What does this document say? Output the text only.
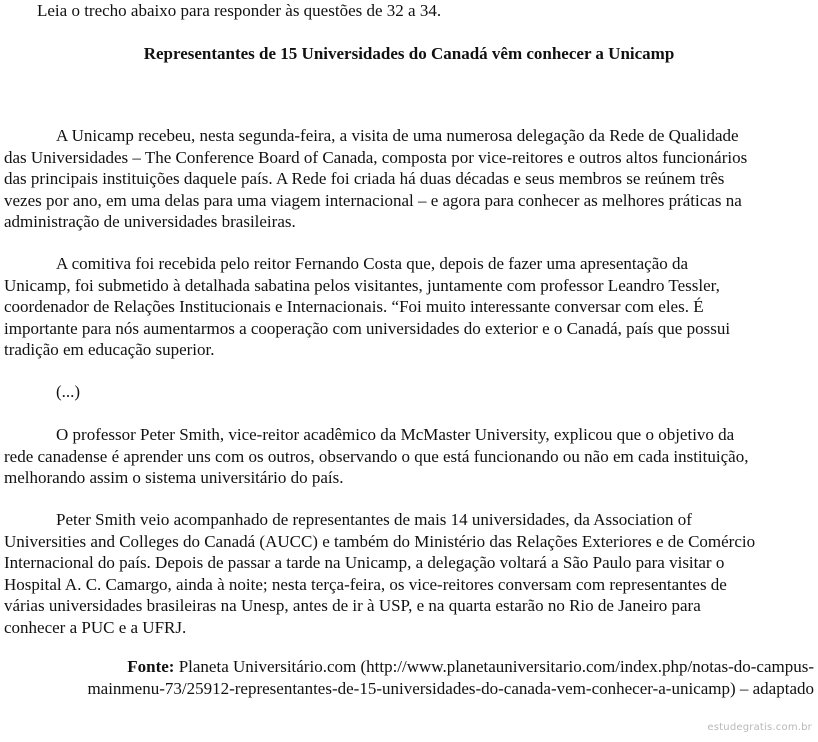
Leia o trecho abaixo para responder às questões de 32 a 34.
Representantes de 15 Universidades do Canadá vêm conhecer a Unicamp

A Unicamp recebeu, nesta segunda-feira, a visita de uma numerosa delegação da Rede de Qualidade
das Universidades – The Conference Board of Canada, composta por vice-reitores e outros altos funcionários
das principais instituições daquele país. A Rede foi criada há duas décadas e seus membros se reúnem três
vezes por ano, em uma delas para uma viagem internacional – e agora para conhecer as melhores práticas na
administração de universidades brasileiras.

A comitiva foi recebida pelo reitor Fernando Costa que, depois de fazer uma apresentação da
Unicamp, foi submetido à detalhada sabatina pelos visitantes, juntamente com professor Leandro Tessler,
coordenador de Relações Institucionais e Internacionais. “Foi muito interessante conversar com eles. É
importante para nós aumentarmos a cooperação com universidades do exterior e o Canadá, país que possui
tradição em educação superior.

(...)

O professor Peter Smith, vice-reitor acadêmico da McMaster University, explicou que o objetivo da
rede canadense é aprender uns com os outros, observando o que está funcionando ou não em cada instituição,
melhorando assim o sistema universitário do país.

Peter Smith veio acompanhado de representantes de mais 14 universidades, da Association of
Universities and Colleges do Canadá (AUCC) e também do Ministério das Relações Exteriores e de Comércio
Internacional do país. Depois de passar a tarde na Unicamp, a delegação voltará a São Paulo para visitar o
Hospital A. C. Camargo, ainda à noite; nesta terça-feira, os vice-reitores conversam com representantes de
várias universidades brasileiras na Unesp, antes de ir à USP, e na quarta estarão no Rio de Janeiro para
conhecer a PUC e a UFRJ.

Fonte: Planeta Universitário.com (http://www.planetauniversitario.com/index.php/notas-do-campus-
mainmenu-73/25912-representantes-de-15-universidades-do-canada-vem-conhecer-a-unicamp) – adaptado
estudegratis.com.br
